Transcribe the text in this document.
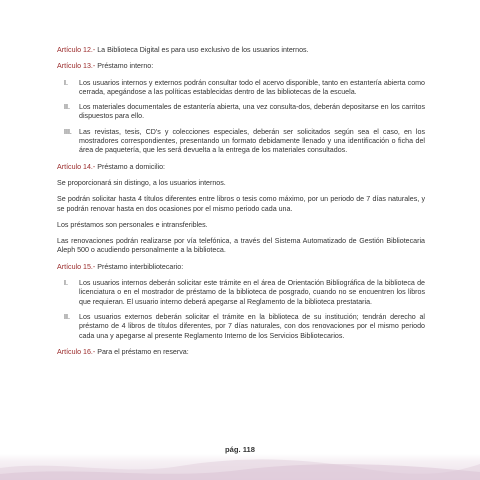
Artículo 12.- La Biblioteca Digital es para uso exclusivo de los usuarios internos.

Artículo 13.- Préstamo interno:

I.	Los usuarios internos y externos podrán consultar todo el acervo disponible, tanto en estantería abierta como cerrada, apegándose a las políticas establecidas dentro de las bibliotecas de la escuela.
II.	Los materiales documentales de estantería abierta, una vez consulta-dos, deberán depositarse en los carritos dispuestos para ello.
III.	Las revistas, tesis, CD's y colecciones especiales, deberán ser solicitados según sea el caso, en los mostradores correspondientes, presentando un formato debidamente llenado y una identificación o ficha del área de paquetería, que les será devuelta a la entrega de los materiales consultados.

Artículo 14.- Préstamo a domicilio:

Se proporcionará sin distingo, a los usuarios internos.

Se podrán solicitar hasta 4 títulos diferentes entre libros o tesis como máximo, por un periodo de 7 días naturales, y se podrán renovar hasta en dos ocasiones por el mismo periodo cada una.

Los préstamos son personales e intransferibles.

Las renovaciones podrán realizarse por vía telefónica, a través del Sistema Automatizado de Gestión Bibliotecaria Aleph 500 o acudiendo personalmente a la biblioteca.

Artículo 15.- Préstamo interbibliotecario:

I.	Los usuarios internos deberán solicitar este trámite en el área de Orientación Bibliográfica de la biblioteca de licenciatura o en el mostrador de préstamo de la biblioteca de posgrado, cuando no se encuentren los libros que requieran. El usuario interno deberá apegarse al Reglamento de la biblioteca prestataria.
II.	Los usuarios externos deberán solicitar el trámite en la biblioteca de su institución; tendrán derecho al préstamo de 4 libros de títulos diferentes, por 7 días naturales, con dos renovaciones por el mismo periodo cada una y apegarse al presente Reglamento Interno de los Servicios Bibliotecarios.

Artículo 16.- Para el préstamo en reserva:

pág. 118
